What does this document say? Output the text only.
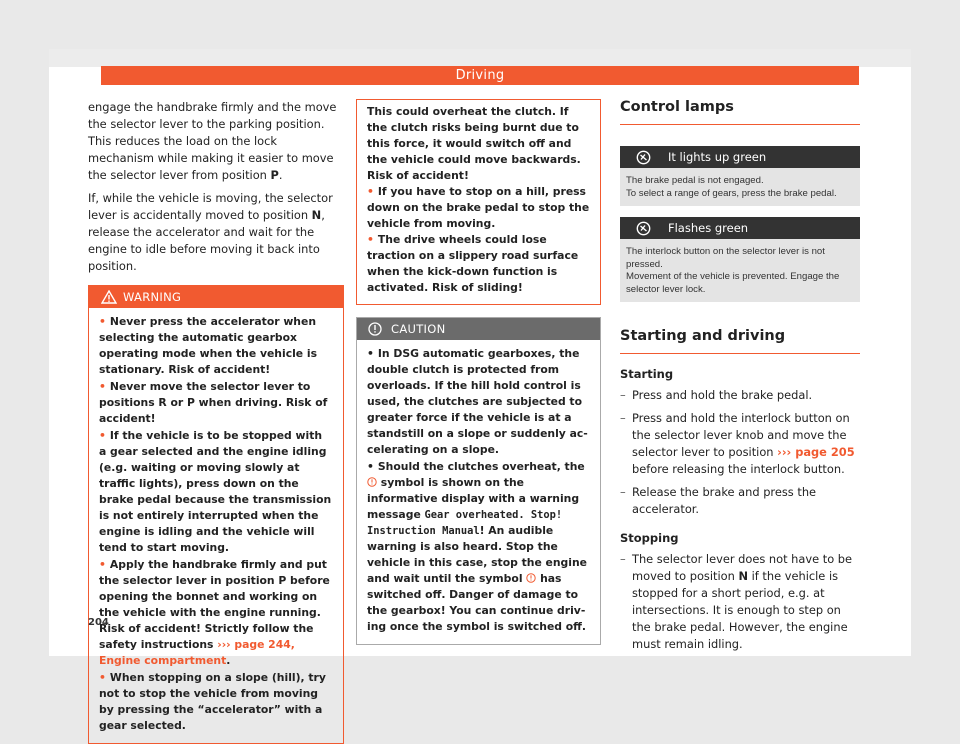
Driving

engage the handbrake firmly and the move the selector lever to the parking position. This reduces the load on the lock mechanism while making it easier to move the selector lever from position P.

If, while the vehicle is moving, the selector lever is accidentally moved to position N, release the accelerator and wait for the engine to idle before moving it back into position.

WARNING
• Never press the accelerator when selecting the automatic gearbox operating mode when the vehicle is stationary. Risk of accident!
• Never move the selector lever to positions R or P when driving. Risk of accident!
• If the vehicle is to be stopped with a gear selected and the engine idling (e.g. waiting or moving slowly at traffic lights), press down on the brake pedal because the transmission is not entirely interrupted when the engine is idling and the vehicle will tend to start moving.
• Apply the handbrake firmly and put the selector lever in position P before opening the bonnet and working on the vehicle with the engine running. Risk of accident! Strictly follow the safety instructions ››› page 244, Engine compartment.
• When stopping on a slope (hill), try not to stop the vehicle from moving by pressing the “accelerator” with a gear selected.
This could overheat the clutch. If the clutch risks being burnt due to this force, it would switch off and the vehicle could move backwards. Risk of accident!
• If you have to stop on a hill, press down on the brake pedal to stop the vehicle from moving.
• The drive wheels could lose traction on a slippery road surface when the kick-down function is activated. Risk of sliding!
CAUTION
• In DSG automatic gearboxes, the double clutch is protected from overloads. If the hill hold control is used, the clutches are subjected to greater force if the vehicle is at a standstill on a slope or suddenly accelerating on a slope.
• Should the clutches overheat, the  symbol is shown on the informative display with a warning message Gear overheated. Stop! Instruction Manual! An audible warning is also heard. Stop the vehicle in this case, stop the engine and wait until the symbol has switched off. Danger of damage to the gearbox! You can continue driving once the symbol is switched off.
Control lamps
It lights up green
The brake pedal is not engaged.
To select a range of gears, press the brake pedal.
Flashes green
The interlock button on the selector lever is not pressed.
Movement of the vehicle is prevented. Engage the selector lever lock.
Starting and driving
Starting
– Press and hold the brake pedal.
– Press and hold the interlock button on the selector lever knob and move the selector lever to position ››› page 205 before releasing the interlock button.
– Release the brake and press the accelerator.
Stopping
– The selector lever does not have to be moved to position N if the vehicle is stopped for a short period, e.g. at intersections. It is enough to step on the brake pedal. However, the engine must remain idling.
204
